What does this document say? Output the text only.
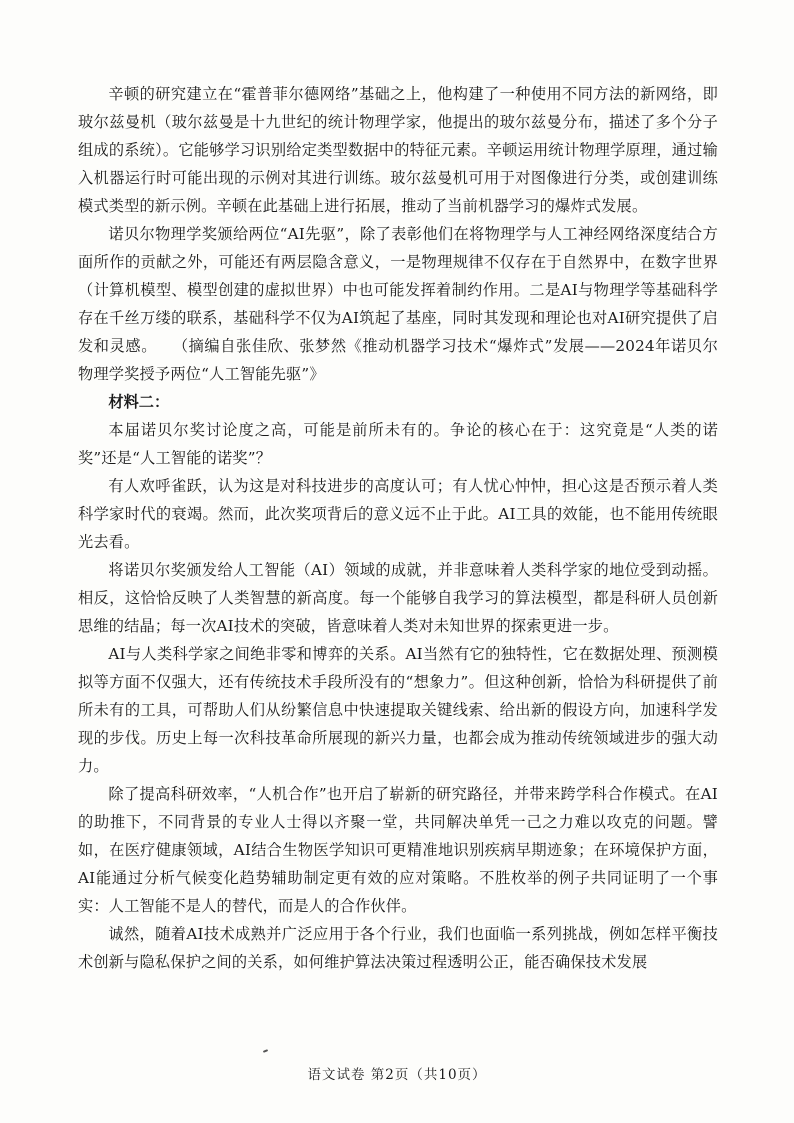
辛顿的研究建立在“霍普菲尔德网络”基础之上，他构建了一种使用不同方法的新网络，即玻尔兹曼机（玻尔兹曼是十九世纪的统计物理学家，他提出的玻尔兹曼分布，描述了多个分子组成的系统）。它能够学习识别给定类型数据中的特征元素。辛顿运用统计物理学原理，通过输入机器运行时可能出现的示例对其进行训练。玻尔兹曼机可用于对图像进行分类，或创建训练模式类型的新示例。辛顿在此基础上进行拓展，推动了当前机器学习的爆炸式发展。

诺贝尔物理学奖颁给两位“AI先驱”，除了表彰他们在将物理学与人工神经网络深度结合方面所作的贡献之外，可能还有两层隐含意义，一是物理规律不仅存在于自然界中，在数字世界（计算机模型、模型创建的虚拟世界）中也可能发挥着制约作用。二是AI与物理学等基础科学存在千丝万缕的联系，基础科学不仅为AI筑起了基座，同时其发现和理论也对AI研究提供了启发和灵感。  （摘编自张佳欣、张梦然《推动机器学习技术“爆炸式”发展——2024年诺贝尔物理学奖授予两位“人工智能先驱”》

材料二：

本届诺贝尔奖讨论度之高，可能是前所未有的。争论的核心在于：这究竟是“人类的诺奖”还是“人工智能的诺奖”？

有人欢呼雀跃，认为这是对科技进步的高度认可；有人忧心忡忡，担心这是否预示着人类科学家时代的衰竭。然而，此次奖项背后的意义远不止于此。AI工具的效能，也不能用传统眼光去看。

将诺贝尔奖颁发给人工智能（AI）领域的成就，并非意味着人类科学家的地位受到动摇。相反，这恰恰反映了人类智慧的新高度。每一个能够自我学习的算法模型，都是科研人员创新思维的结晶；每一次AI技术的突破，皆意味着人类对未知世界的探索更进一步。

AI与人类科学家之间绝非零和博弈的关系。AI当然有它的独特性，它在数据处理、预测模拟等方面不仅强大，还有传统技术手段所没有的“想象力”。但这种创新，恰恰为科研提供了前所未有的工具，可帮助人们从纷繁信息中快速提取关键线索、给出新的假设方向，加速科学发现的步伐。历史上每一次科技革命所展现的新兴力量，也都会成为推动传统领域进步的强大动力。

除了提高科研效率，“人机合作”也开启了崭新的研究路径，并带来跨学科合作模式。在AI的助推下，不同背景的专业人士得以齐聚一堂，共同解决单凭一己之力难以攻克的问题。譬如，在医疗健康领域，AI结合生物医学知识可更精准地识别疾病早期迹象；在环境保护方面，AI能通过分析气候变化趋势辅助制定更有效的应对策略。不胜枚举的例子共同证明了一个事实：人工智能不是人的替代，而是人的合作伙伴。

诚然，随着AI技术成熟并广泛应用于各个行业，我们也面临一系列挑战，例如怎样平衡技术创新与隐私保护之间的关系，如何维护算法决策过程透明公正，能否确保技术发展

语文试卷 第2页（共10页）
